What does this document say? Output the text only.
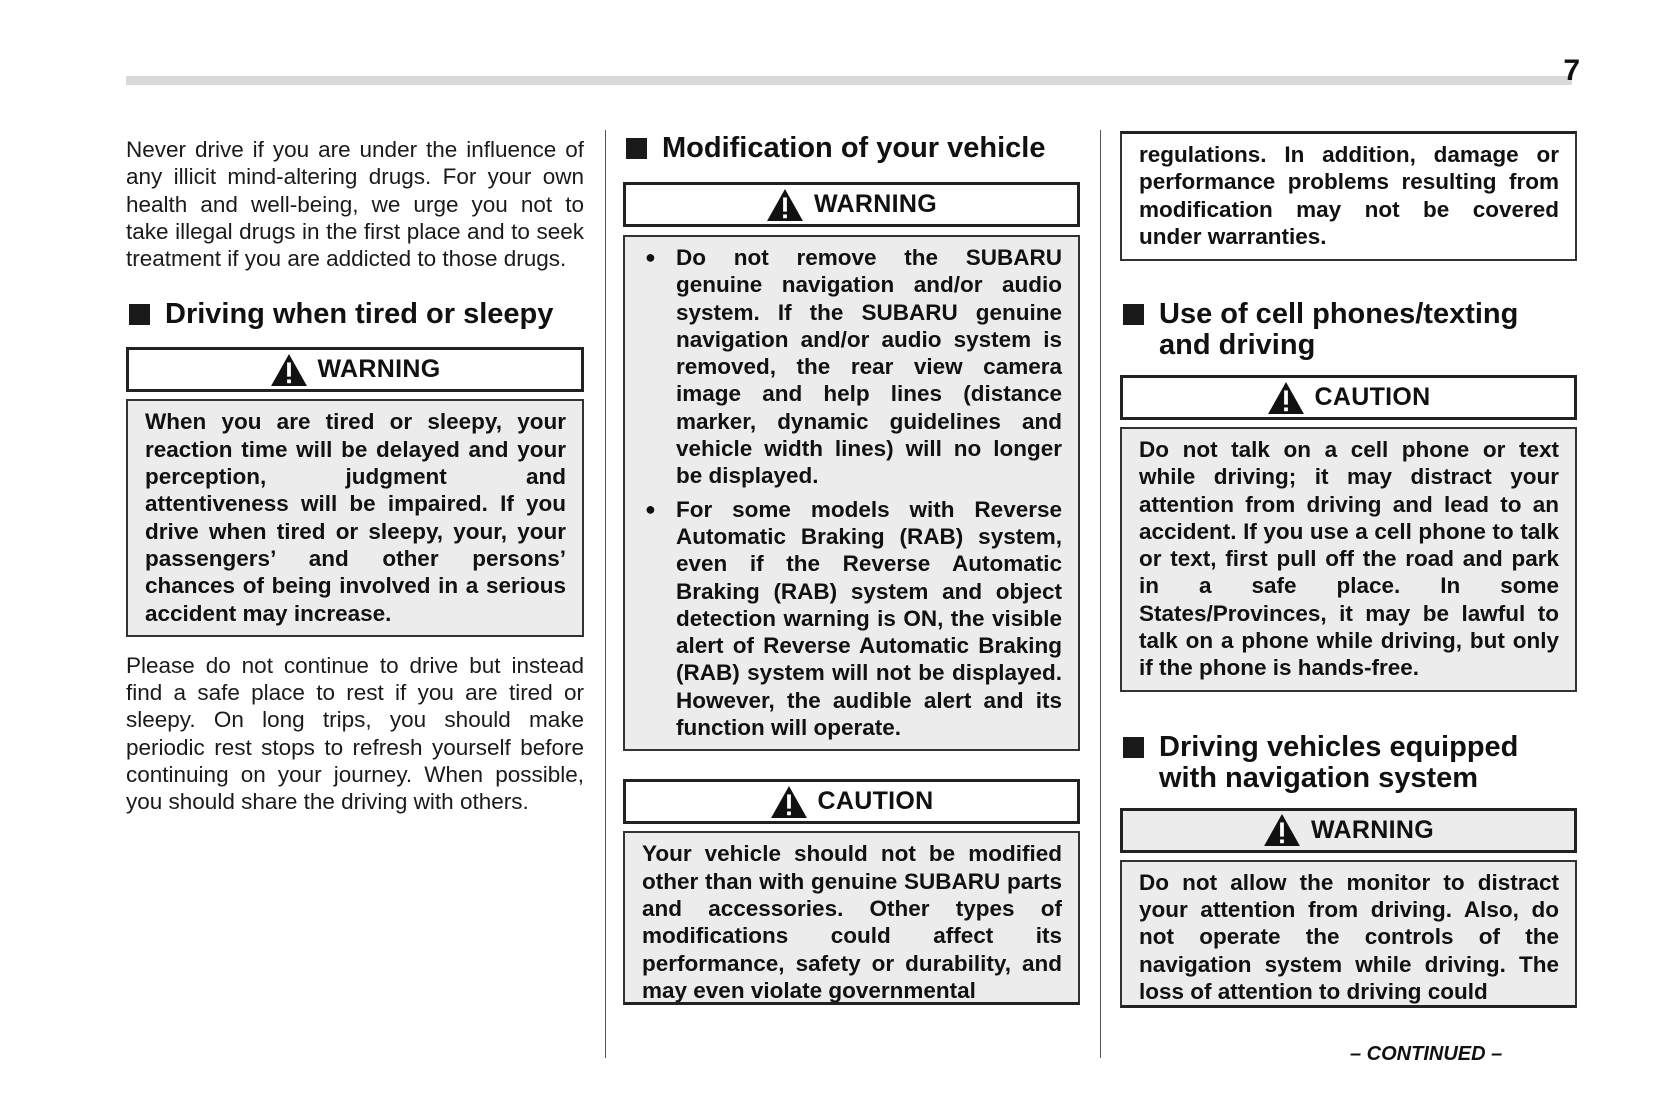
7

Never drive if you are under the influence of any illicit mind-altering drugs. For your own health and well-being, we urge you not to take illegal drugs in the first place and to seek treatment if you are addicted to those drugs.

Driving when tired or sleepy
WARNING

When you are tired or sleepy, your reaction time will be delayed and your perception, judgment and attentiveness will be impaired. If you drive when tired or sleepy, your, your passengers’ and other persons’ chances of being involved in a serious accident may increase.

Please do not continue to drive but instead find a safe place to rest if you are tired or sleepy. On long trips, you should make periodic rest stops to refresh yourself before continuing on your journey. When possible, you should share the driving with others.

Modification of your vehicle
WARNING
● Do not remove the SUBARU genuine navigation and/or audio system. If the SUBARU genuine navigation and/or audio system is removed, the rear view camera image and help lines (distance marker, dynamic guidelines and vehicle width lines) will no longer be displayed.
● For some models with Reverse Automatic Braking (RAB) system, even if the Reverse Automatic Braking (RAB) system and object detection warning is ON, the visible alert of Reverse Automatic Braking (RAB) system will not be displayed. However, the audible alert and its function will operate.
CAUTION

Your vehicle should not be modified other than with genuine SUBARU parts and accessories. Other types of modifications could affect its performance, safety or durability, and may even violate governmental

regulations. In addition, damage or performance problems resulting from modification may not be covered under warranties.

Use of cell phones/texting
and driving
CAUTION

Do not talk on a cell phone or text while driving; it may distract your attention from driving and lead to an accident. If you use a cell phone to talk or text, first pull off the road and park in a safe place. In some States/Provinces, it may be lawful to talk on a phone while driving, but only if the phone is hands-free.

Driving vehicles equipped
with navigation system
WARNING

Do not allow the monitor to distract your attention from driving. Also, do not operate the controls of the navigation system while driving. The loss of attention to driving could

– CONTINUED –
